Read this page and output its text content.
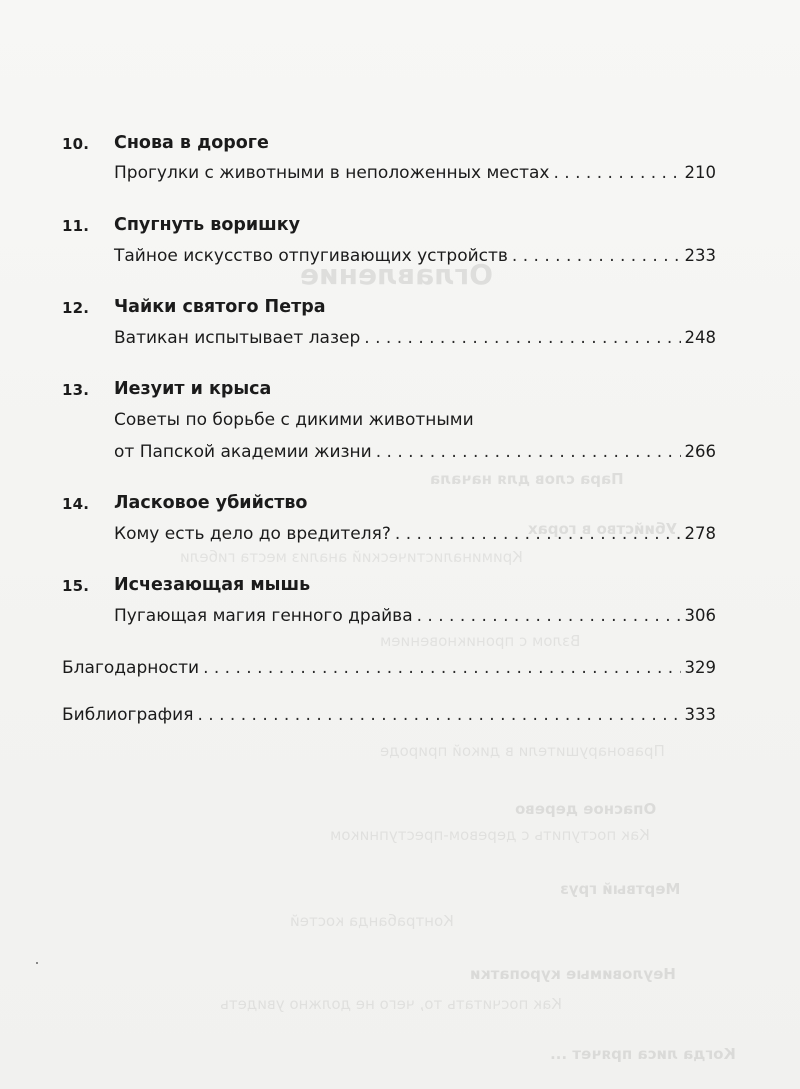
Оглавление
Пара слов для начала
Убийство в горах
Криминалистический анализ места гибели
Взлом с проникновением
Правонарушители в дикой природе
Опасное дерево
Как поступить с деревом-преступником
Мертвый груз
Контрабанда костей
Неуловимые куропатки
Как посчитать то, чего не должно увидеть
Когда лиса прячет ...
10. Снова в дороге
Прогулки с животными в неположенных местах . . .	210
11. Спугнуть воришку
Тайное искусство отпугивающих устройств . . .	233
12. Чайки святого Петра
Ватикан испытывает лазер . . .	248
13. Иезуит и крыса
Советы по борьбе с дикими животными
от Папской академии жизни . . .	266
14. Ласковое убийство
Кому есть дело до вредителя? . . .	278
15. Исчезающая мышь
Пугающая магия генного драйва . . .	306
Благодарности . . .	329
Библиография . . .	333
